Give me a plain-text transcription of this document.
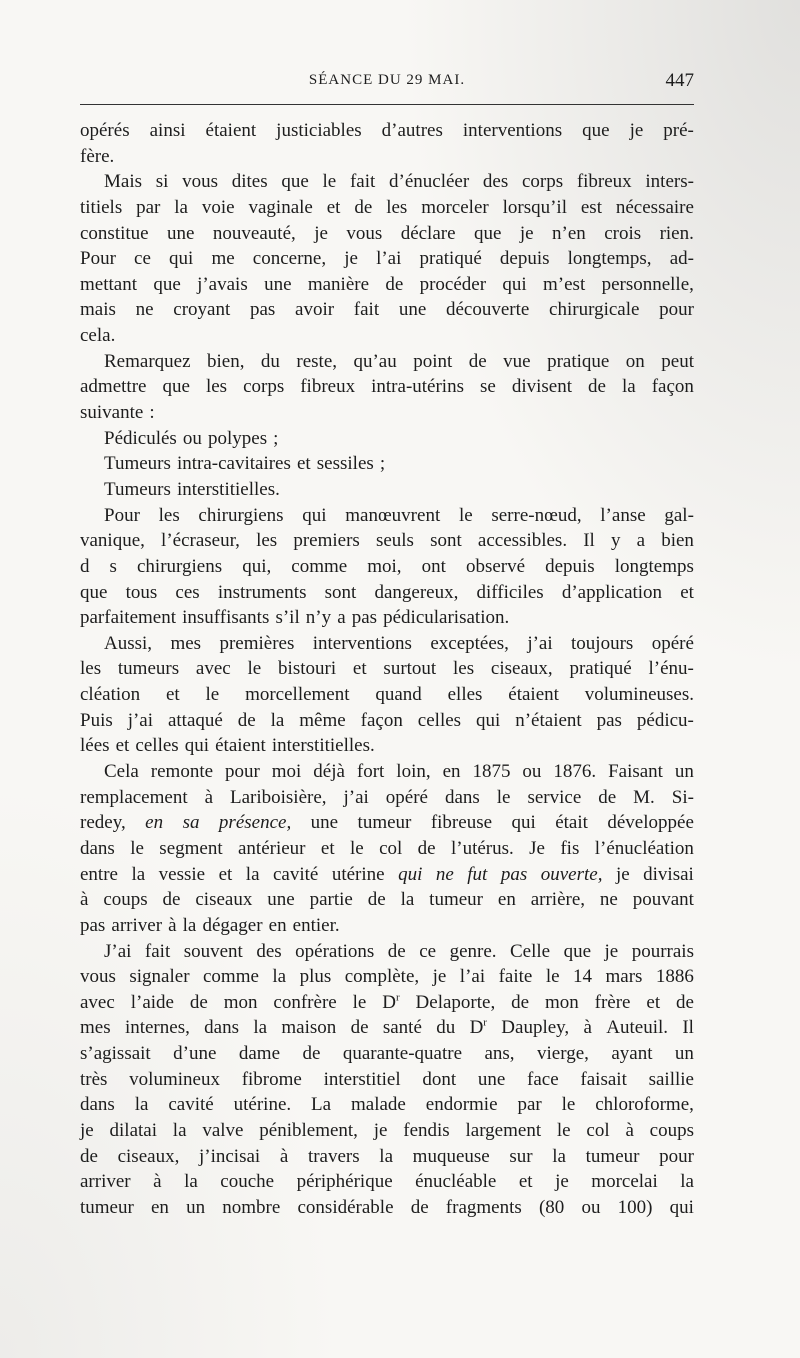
SÉANCE DU 29 MAI.	447
opérés ainsi étaient justiciables d’autres interventions que je pré-
fère.
Mais si vous dites que le fait d’énucléer des corps fibreux inters-
titiels par la voie vaginale et de les morceler lorsqu’il est nécessaire
constitue une nouveauté, je vous déclare que je n’en crois rien.
Pour ce qui me concerne, je l’ai pratiqué depuis longtemps, ad-
mettant que j’avais une manière de procéder qui m’est personnelle,
mais ne croyant pas avoir fait une découverte chirurgicale pour
cela.
Remarquez bien, du reste, qu’au point de vue pratique on peut
admettre que les corps fibreux intra-utérins se divisent de la façon
suivante :
Pédiculés ou polypes ;
Tumeurs intra-cavitaires et sessiles ;
Tumeurs interstitielles.
Pour les chirurgiens qui manœuvrent le serre-nœud, l’anse gal-
vanique, l’écraseur, les premiers seuls sont accessibles. Il y a bien
d s chirurgiens qui, comme moi, ont observé depuis longtemps
que tous ces instruments sont dangereux, difficiles d’application et
parfaitement insuffisants s’il n’y a pas pédicularisation.
Aussi, mes premières interventions exceptées, j’ai toujours opéré
les tumeurs avec le bistouri et surtout les ciseaux, pratiqué l’énu-
cléation et le morcellement quand elles étaient volumineuses.
Puis j’ai attaqué de la même façon celles qui n’étaient pas pédicu-
lées et celles qui étaient interstitielles.
Cela remonte pour moi déjà fort loin, en 1875 ou 1876. Faisant un
remplacement à Lariboisière, j’ai opéré dans le service de M. Si-
redey, en sa présence, une tumeur fibreuse qui était développée
dans le segment antérieur et le col de l’utérus. Je fis l’énucléation
entre la vessie et la cavité utérine qui ne fut pas ouverte, je divisai
à coups de ciseaux une partie de la tumeur en arrière, ne pouvant
pas arriver à la dégager en entier.
J’ai fait souvent des opérations de ce genre. Celle que je pourrais
vous signaler comme la plus complète, je l’ai faite le 14 mars 1886
avec l’aide de mon confrère le $D^r$ Delaporte, de mon frère et de
mes internes, dans la maison de santé du $D^r$ Daupley, à Auteuil. Il
s’agissait d’une dame de quarante-quatre ans, vierge, ayant un
très volumineux fibrome interstitiel dont une face faisait saillie
dans la cavité utérine. La malade endormie par le chloroforme,
je dilatai la valve péniblement, je fendis largement le col à coups
de ciseaux, j’incisai à travers la muqueuse sur la tumeur pour
arriver à la couche périphérique énucléable et je morcelai la
tumeur en un nombre considérable de fragments (80 ou 100) qui
